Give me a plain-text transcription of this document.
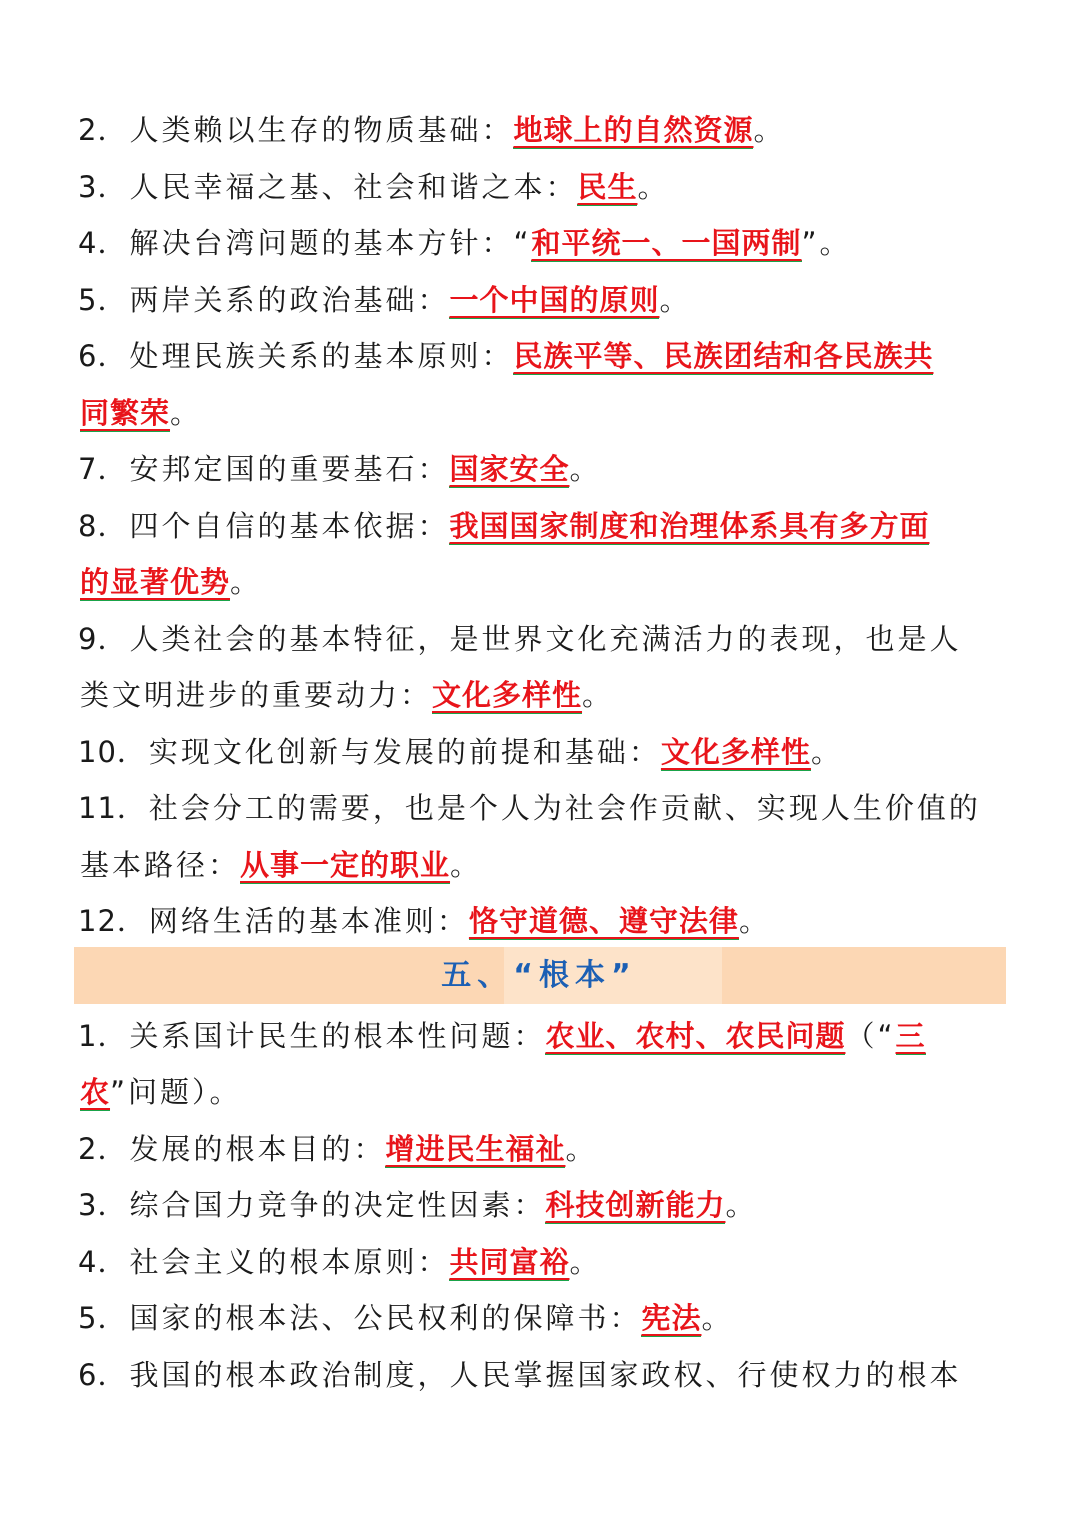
2．人类赖以生存的物质基础：地球上的自然资源。
3．人民幸福之基、社会和谐之本：民生。
4．解决台湾问题的基本方针：“和平统一、一国两制”。
5．两岸关系的政治基础：一个中国的原则。
6．处理民族关系的基本原则：民族平等、民族团结和各民族共
同繁荣。
7．安邦定国的重要基石：国家安全。
8．四个自信的基本依据：我国国家制度和治理体系具有多方面
的显著优势。
9．人类社会的基本特征，是世界文化充满活力的表现，也是人
类文明进步的重要动力：文化多样性。
10．实现文化创新与发展的前提和基础：文化多样性。
11．社会分工的需要，也是个人为社会作贡献、实现人生价值的
基本路径：从事一定的职业。
12．网络生活的基本准则：恪守道德、遵守法律。
五、“根本”
1．关系国计民生的根本性问题：农业、农村、农民问题（“三
农”问题）。
2．发展的根本目的：增进民生福祉。
3．综合国力竞争的决定性因素：科技创新能力。
4．社会主义的根本原则：共同富裕。
5．国家的根本法、公民权利的保障书：宪法。
6．我国的根本政治制度，人民掌握国家政权、行使权力的根本
